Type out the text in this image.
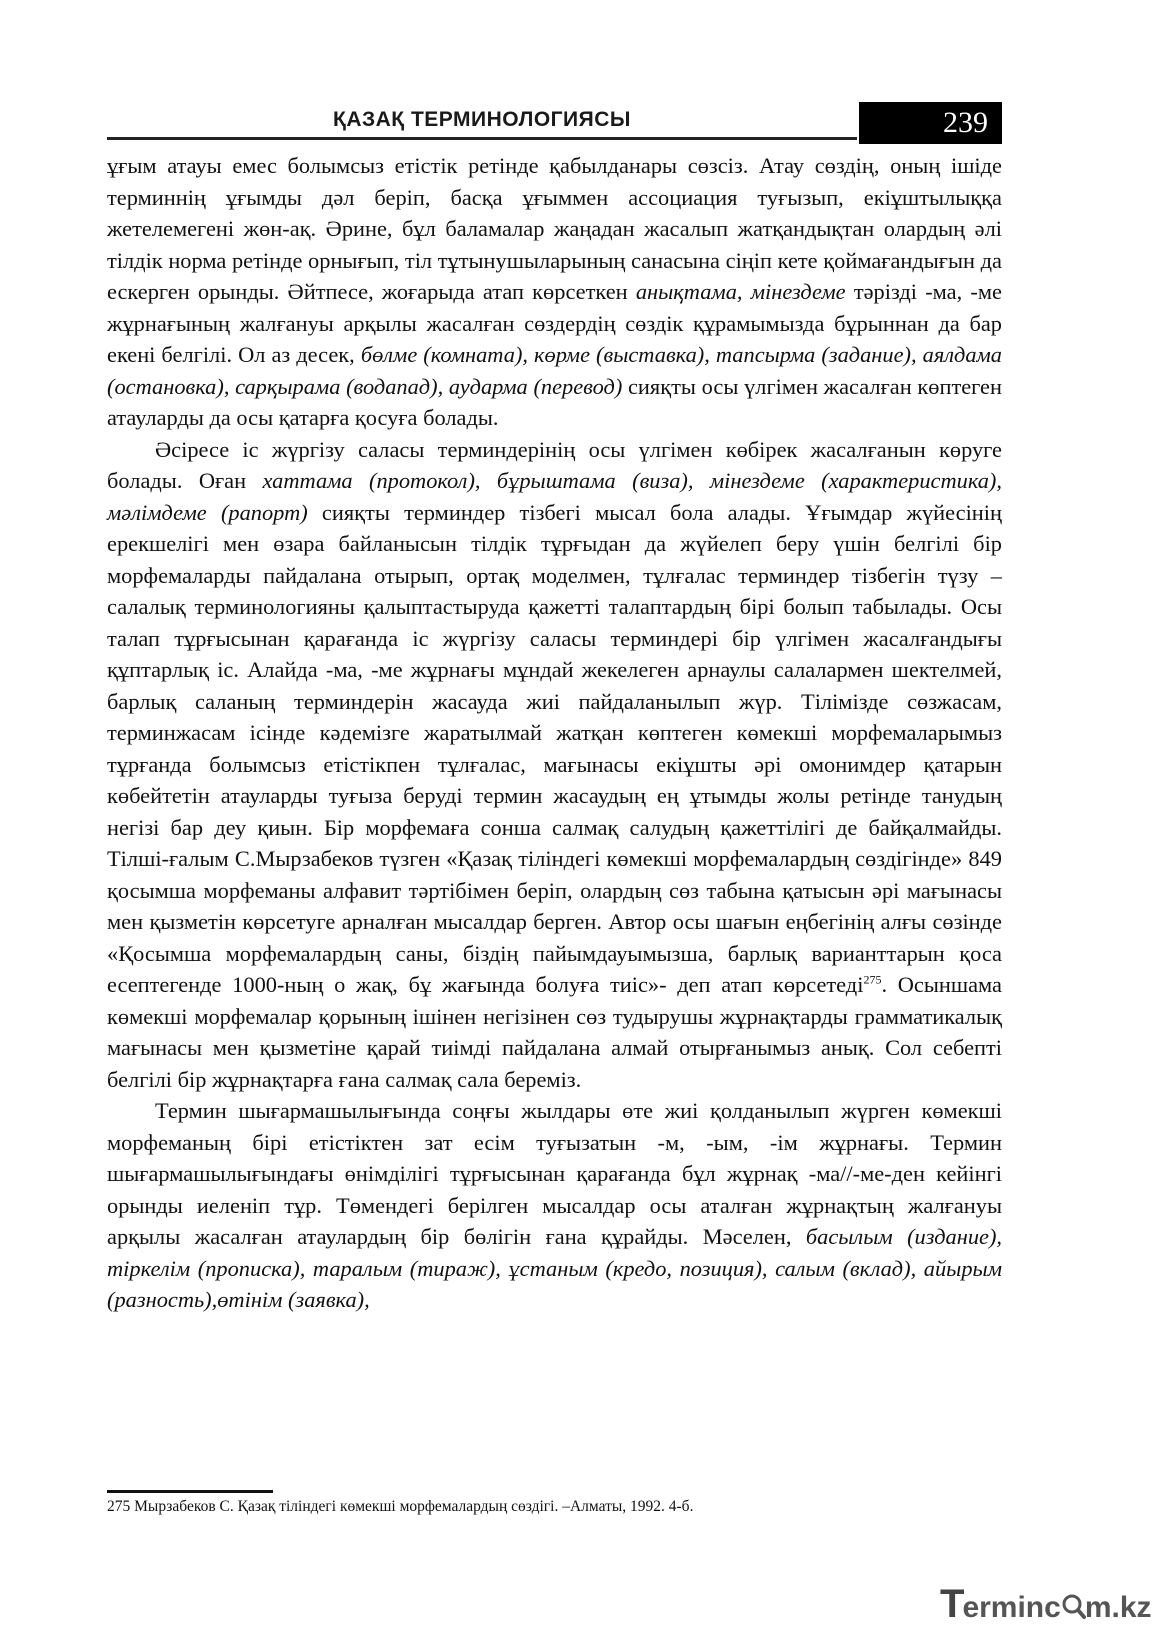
ҚАЗАҚ ТЕРМИНОЛОГИЯСЫ	239

ұғым атауы емес болымсыз етістік ретінде қабылданары сөзсіз. Атау сөздің, оның ішіде терминнің ұғымды дәл беріп, басқа ұғыммен ассоциация туғызып, екіұштылыққа жетелемегені жөн-ақ. Әрине, бұл баламалар жаңадан жасалып жатқандықтан олардың әлі тілдік норма ретінде орнығып, тіл тұтынушыларының санасына сіңіп кете қоймағандығын да ескерген орынды. Әйтпесе, жоғарыда атап көрсеткен анықтама, мінездеме тәрізді -ма, -ме жұрнағының жалғануы арқылы жасалған сөздердің сөздік құрамымызда бұрыннан да бар екені белгілі. Ол аз десек, бөлме (комната), көрме (выставка), тапсырма (задание), аялдама (остановка), сарқырама (водапад), аударма (перевод) сияқты осы үлгімен жасалған көптеген атауларды да осы қатарға қосуға болады.

Әсіресе іс жүргізу саласы терминдерінің осы үлгімен көбірек жасалғанын көруге болады. Оған хаттама (протокол), бұрыштама (виза), мінездеме (характеристика), мәлімдеме (рапорт) сияқты терминдер тізбегі мысал бола алады. Ұғымдар жүйесінің ерекшелігі мен өзара байланысын тілдік тұрғыдан да жүйелеп беру үшін белгілі бір морфемаларды пайдалана отырып, ортақ моделмен, тұлғалас терминдер тізбегін түзу – салалық терминологияны қалыптастыруда қажетті талаптардың бірі болып табылады. Осы талап тұрғысынан қарағанда іс жүргізу саласы терминдері бір үлгімен жасалғандығы құптарлық іс. Алайда -ма, -ме жұрнағы мұндай жекелеген арнаулы салалармен шектелмей, барлық саланың терминдерін жасауда жиі пайдаланылып жүр. Тілімізде сөзжасам, терминжасам ісінде кәдемізге жаратылмай жатқан көптеген көмекші морфемаларымыз тұрғанда болымсыз етістікпен тұлғалас, мағынасы екіұшты әрі омонимдер қатарын көбейтетін атауларды туғыза беруді термин жасаудың ең ұтымды жолы ретінде танудың негізі бар деу қиын. Бір морфемаға сонша салмақ салудың қажеттілігі де байқалмайды. Тілші-ғалым С.Мырзабеков түзген «Қазақ тіліндегі көмекші морфемалардың сөздігінде» 849 қосымша морфеманы алфавит тәртібімен беріп, олардың сөз табына қатысын әрі мағынасы мен қызметін көрсетуге арналған мысалдар берген. Автор осы шағын еңбегінің алғы сөзінде «Қосымша морфемалардың саны, біздің пайымдауымызша, барлық варианттарын қоса есептегенде 1000-ның о жақ, бұ жағында болуға тиіс»- деп атап көрсетеді$^{275}$. Осыншама көмекші морфемалар қорының ішінен негізінен сөз тудырушы жұрнақтарды грамматикалық мағынасы мен қызметіне қарай тиімді пайдалана алмай отырғанымыз анық. Сол себепті белгілі бір жұрнақтарға ғана салмақ сала береміз.

Термин шығармашылығында соңғы жылдары өте жиі қолданылып жүрген көмекші морфеманың бірі етістіктен зат есім туғызатын -м, -ым, -ім жұрнағы. Термин шығармашылығындағы өнімділігі тұрғысынан қарағанда бұл жұрнақ -ма//-ме-ден кейінгі орынды иеленіп тұр. Төмендегі берілген мысалдар осы аталған жұрнақтың жалғануы арқылы жасалған атаулардың бір бөлігін ғана құрайды. Мәселен, басылым (издание), тіркелім (прописка), таралым (тираж), ұстаным (кредо, позиция), салым (вклад), айырым (разность),өтінім (заявка),

275 Мырзабеков С. Қазақ тіліндегі көмекші морфемалардың сөздігі. –Алматы, 1992. 4-б.
T
erminc m.kz
